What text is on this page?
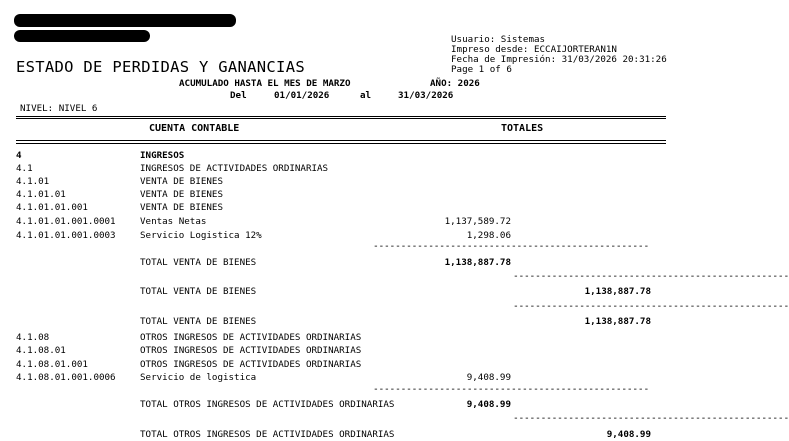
ESTADO DE PERDIDAS Y GANANCIAS
ACUMULADO HASTA EL MES DE MARZO	AÑO: 2026
Del	01/01/2026	al	31/03/2026
NIVEL: NIVEL 6
Usuario: Sistemas
Impreso desde: ECCAIJORTERAN1N
Fecha de Impresión: 31/03/2026 20:31:26
Page 1 of 6
CUENTA CONTABLE	TOTALES
4	INGRESOS
4.1	INGRESOS DE ACTIVIDADES ORDINARIAS
4.1.01	VENTA DE BIENES
4.1.01.01	VENTA DE BIENES
4.1.01.01.001	VENTA DE BIENES
4.1.01.01.001.0001	Ventas Netas	1,137,589.72
4.1.01.01.001.0003	Servicio Logistica 12%	1,298.06
--------------------------------------------------
TOTAL VENTA DE BIENES	1,138,887.78
--------------------------------------------------
TOTAL VENTA DE BIENES	1,138,887.78
--------------------------------------------------
TOTAL VENTA DE BIENES	1,138,887.78
4.1.08	OTROS INGRESOS DE ACTIVIDADES ORDINARIAS
4.1.08.01	OTROS INGRESOS DE ACTIVIDADES ORDINARIAS
4.1.08.01.001	OTROS INGRESOS DE ACTIVIDADES ORDINARIAS
4.1.08.01.001.0006	Servicio de logistica	9,408.99
--------------------------------------------------
TOTAL OTROS INGRESOS DE ACTIVIDADES ORDINARIAS	9,408.99
--------------------------------------------------
TOTAL OTROS INGRESOS DE ACTIVIDADES ORDINARIAS	9,408.99
